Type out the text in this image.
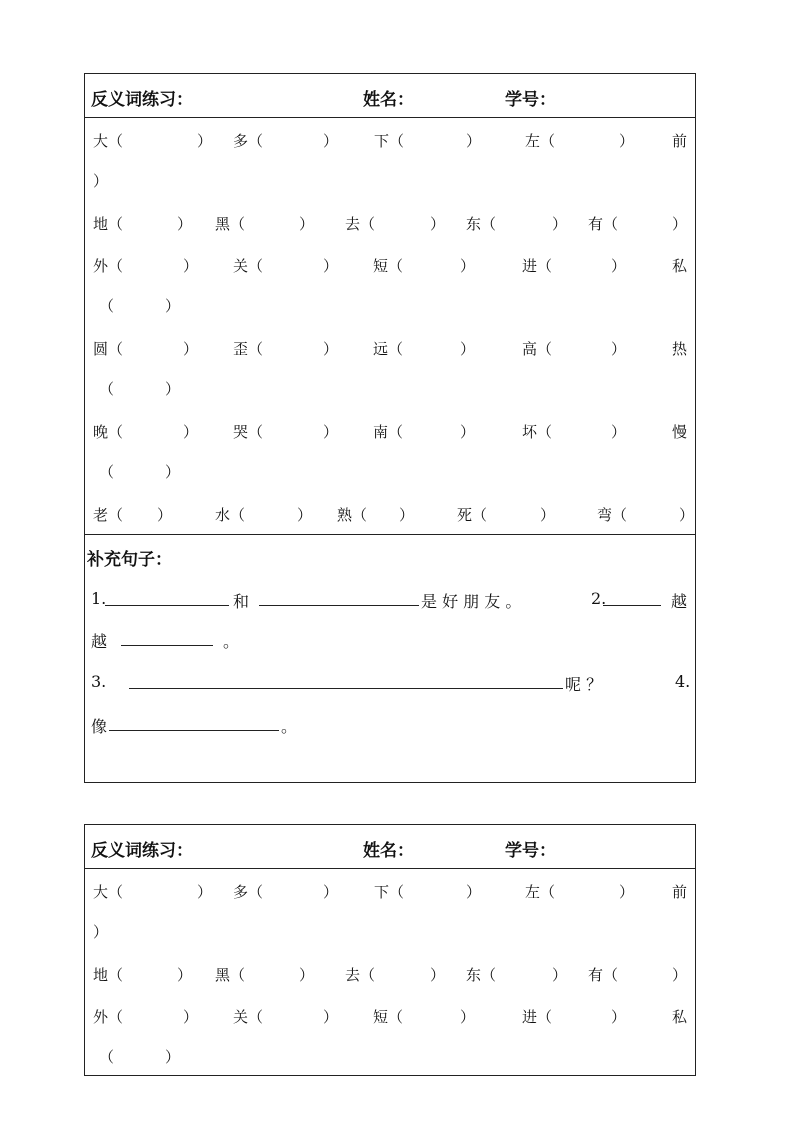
反义词练习：	姓名：	学号：
大（	） 多（	） 下（	）	左（	）	前
）
地（	） 黑（	） 去（	） 东（	） 有（	）
外（	） 关（	） 短（	）	进（	）	私
（	）
圆（	） 歪（	） 远（	）	高（	）	热
（	）
晚（	） 哭（	） 南（	）	坏（	）	慢
（	）
老（ ）	水（	） 熟（ ）	死（	）	弯（	）
补充句子：
1.	和	是 好 朋 友 。	2.	越
越	。
3.	呢 ？	4.
像	。
反义词练习：	姓名：	学号：
大（	） 多（	） 下（	）	左（	）	前
）
地（	） 黑（	） 去（	） 东（	） 有（	）
外（	） 关（	） 短（	）	进（	）	私
（	）
